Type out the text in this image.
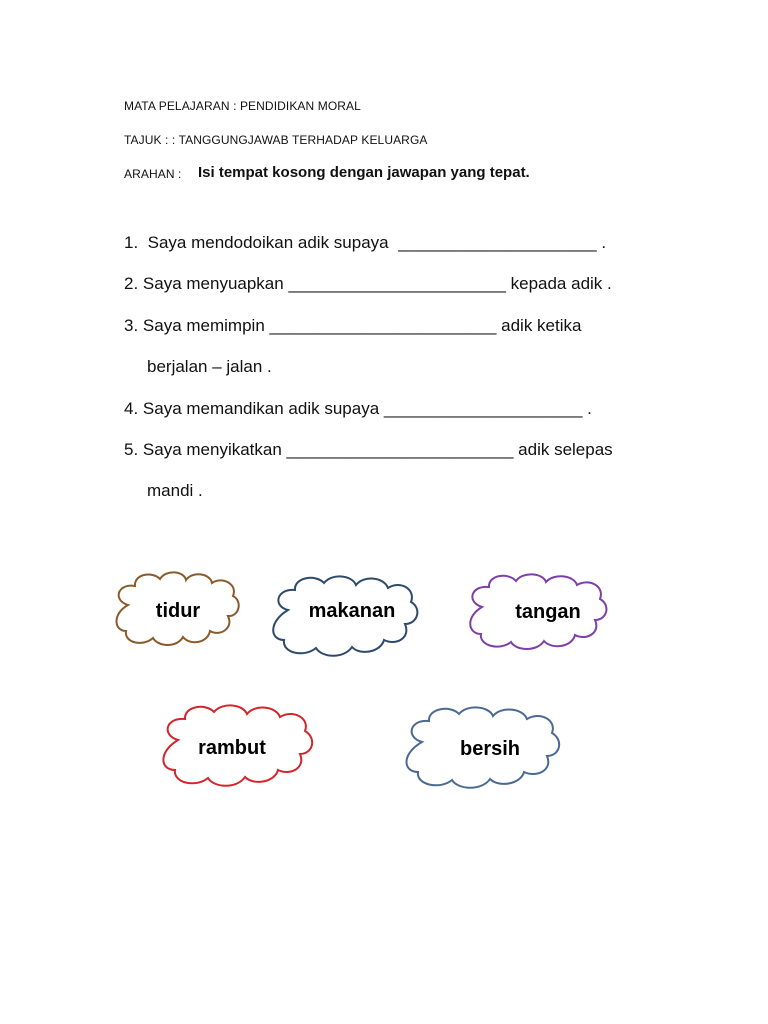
MATA PELAJARAN : PENDIDIKAN MORAL
TAJUK : : TANGGUNGJAWAB TERHADAP KELUARGA
ARAHAN : Isi tempat kosong dengan jawapan yang tepat.
1.  Saya mendodoikan adik supaya  _____________________ .
2. Saya menyuapkan _______________________ kepada adik .
3. Saya memimpin ________________________ adik ketika
berjalan – jalan .
4. Saya memandikan adik supaya _____________________ .
5. Saya menyikatkan ________________________ adik selepas
mandi .
tidur	makanan	tangan
rambut	bersih
